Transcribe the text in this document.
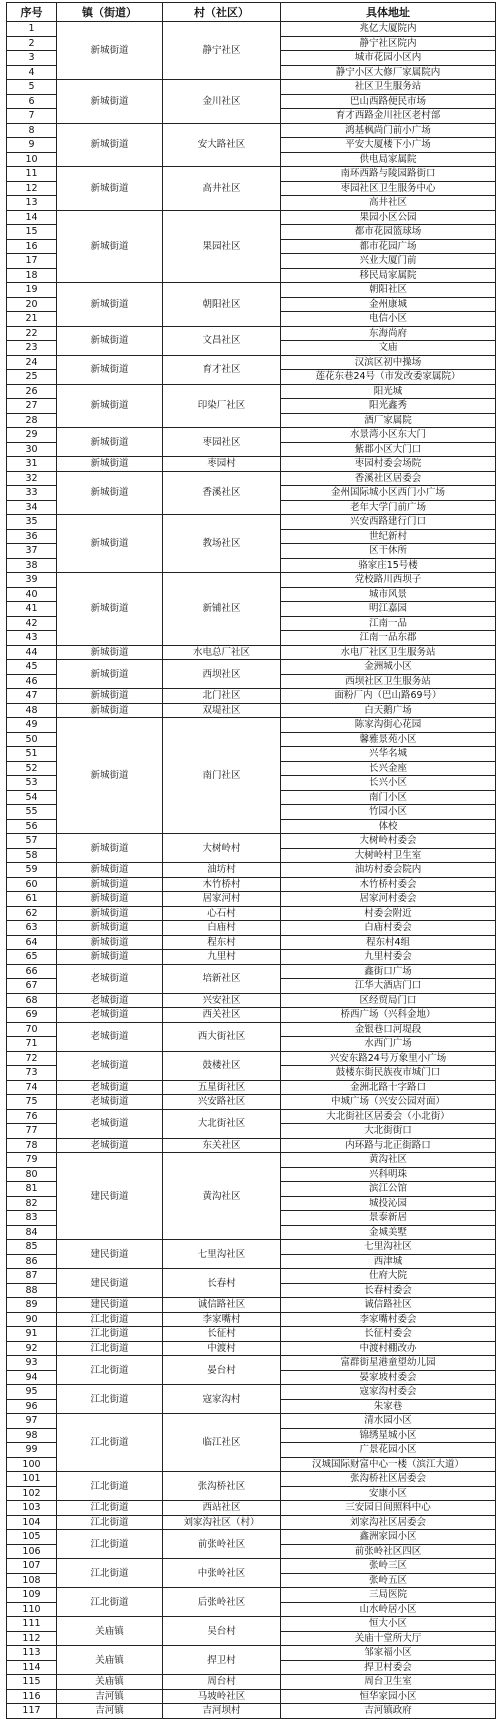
序号	镇（街道）	村（社区）	具体地址
1	新城街道	静宁社区	兆亿大厦院内
2			静宁社区院内
3			城市花园小区内
4			静宁小区大修厂家属院内
5	新城街道	金川社区	社区卫生服务站
6			巴山西路便民市场
7			育才西路金川社区老村部
8	新城街道	安大路社区	鸿基枫尚门前小广场
9			平安大厦楼下小广场
10			供电局家属院
11	新城街道	高井社区	南环西路与陵园路街口
12			枣园社区卫生服务中心
13			高井社区
14	新城街道	果园社区	果园小区公园
15			都市花园篮球场
16			都市花园广场
17			兴业大厦门前
18			移民局家属院
19	新城街道	朝阳社区	朝阳社区
20			金州康城
21			电信小区
22	新城街道	文昌社区	东海尚府
23			文庙
24	新城街道	育才社区	汉滨区初中操场
25			莲花东巷24号（市发改委家属院）
26	新城街道	印染厂社区	阳光城
27			阳光鑫秀
28			酒厂家属院
29	新城街道	枣园社区	水景湾小区东大门
30			紫郡小区大门口
31	新城街道	枣园村	枣园村委会场院
32	新城街道	香溪社区	香溪社区居委会
33			金州国际城小区西门小广场
34			老年大学门前广场
35	新城街道	教场社区	兴安西路建行门口
36			世纪新村
37			区干休所
38			骆家庄15号楼
39	新城街道	新铺社区	党校路川西坝子
40			城市风景
41			明江嘉园
42			江南一品
43			江南一品东郡
44	新城街道	水电总厂社区	水电厂社区卫生服务站
45	新城街道	西坝社区	金洲城小区
46			西坝社区卫生服务站
47	新城街道	北门社区	面粉厂内（巴山路69号）
48	新城街道	双堤社区	白天鹅广场
49	新城街道	南门社区	陈家沟街心花园
50			馨雅景苑小区
51			兴华名城
52			长兴金座
53			长兴小区
54			南门小区
55			竹园小区
56			体校
57	新城街道	大树岭村	大树岭村委会
58			大树岭村卫生室
59	新城街道	油坊村	油坊村委会院内
60	新城街道	木竹桥村	木竹桥村委会
61	新城街道	居家河村	居家河村委会
62	新城街道	心石村	村委会附近
63	新城街道	白庙村	白庙村委会
64	新城街道	程东村	程东村4组
65	新城街道	九里村	九里村委会
66	老城街道	培新社区	鑫街口广场
67			江华大酒店门口
68	老城街道	兴安社区	区经贸局门口
69	老城街道	西关社区	桥西广场（兴科金地）
70	老城街道	西大街社区	金银巷口河堤段
71			水西门广场
72	老城街道	鼓楼社区	兴安东路24号万象里小广场
73			鼓楼东街民族夜市城门口
74	老城街道	五星街社区	金洲北路十字路口
75	老城街道	兴安路社区	中城广场（兴安公园对面）
76	老城街道	大北街社区	大北街社区居委会（小北街）
77			大北街街口
78	老城街道	东关社区	内环路与北正街路口
79	建民街道	黄沟社区	黄沟社区
80			兴科明珠
81			滨江公馆
82			城投沁园
83			景泰新居
84			金城美墅
85	建民街道	七里沟社区	七里沟社区
86			西津城
87	建民街道	长春村	仕府大院
88			长春村委会
89	建民街道	诚信路社区	诚信路社区
90	江北街道	李家嘴村	李家嘴村委会
91	江北街道	长征村	长征村委会
92	江北街道	中渡村	中渡村棚改办
93	江北街道	晏台村	富群街星港童望幼儿园
94			晏家坡村委会
95	江北街道	寇家沟村	寇家沟村委会
96			朱家巷
97	江北街道	临江社区	清水园小区
98			锦绣星城小区
99			广景花园小区
100			汉城国际财富中心一楼（滨江大道）
101	江北街道	张沟桥社区	张沟桥社区居委会
102			安康小区
103	江北街道	西站社区	三安园日间照料中心
104	江北街道	刘家沟社区（村）	刘家沟社区居委会
105	江北街道	前张岭社区	鑫洲家园小区
106			前张岭社区四区
107	江北街道	中张岭社区	张岭三区
108			张岭五区
109	江北街道	后张岭社区	三局医院
110			山水岭居小区
111	关庙镇	吴台村	恒大小区
112			关庙十堂所大厅
113	关庙镇	捍卫村	邹家福小区
114			捍卫村委会
115	关庙镇	周台村	周台卫生室
116	吉河镇	马坡岭社区	恒华家园小区
117	吉河镇	吉河坝村	吉河镇政府
